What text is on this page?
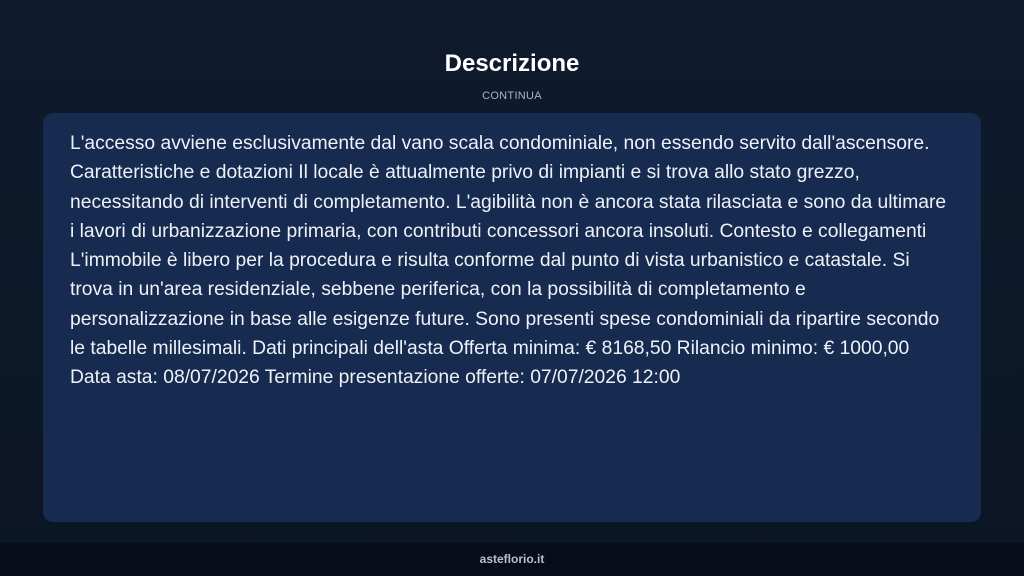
Descrizione
CONTINUA

L'accesso avviene esclusivamente dal vano scala condominiale, non essendo servito dall'ascensore. Caratteristiche e dotazioni Il locale è attualmente privo di impianti e si trova allo stato grezzo, necessitando di interventi di completamento. L'agibilità non è ancora stata rilasciata e sono da ultimare i lavori di urbanizzazione primaria, con contributi concessori ancora insoluti. Contesto e collegamenti L'immobile è libero per la procedura e risulta conforme dal punto di vista urbanistico e catastale. Si trova in un'area residenziale, sebbene periferica, con la possibilità di completamento e personalizzazione in base alle esigenze future. Sono presenti spese condominiali da ripartire secondo le tabelle millesimali. Dati principali dell'asta Offerta minima: € 8168,50 Rilancio minimo: € 1000,00 Data asta: 08/07/2026 Termine presentazione offerte: 07/07/2026 12:00

asteflorio.it
